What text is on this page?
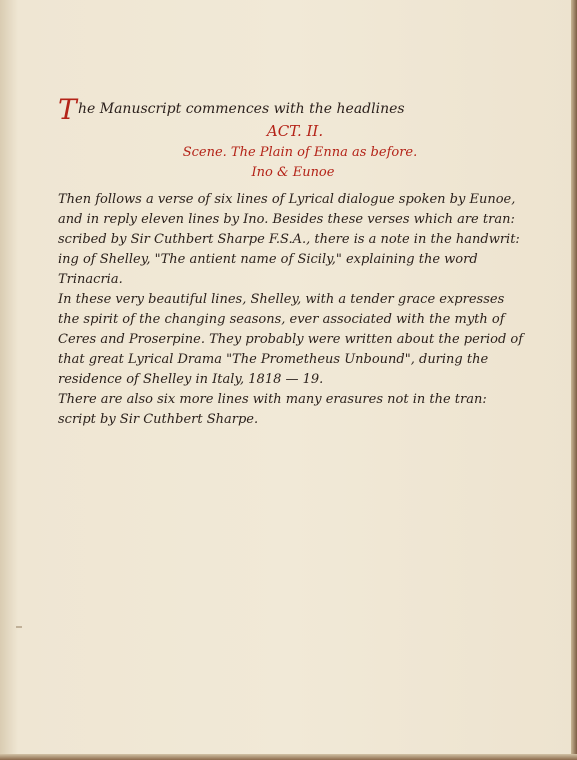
T he Manuscript commences with the headlines
ACT. II.
Scene. The Plain of Enna as before.
Ino & Eunoe
Then follows a verse of six lines of Lyrical dialogue spoken by Eunoe,
and in reply eleven lines by Ino. Besides these verses which are tran:
scribed by Sir Cuthbert Sharpe F.S.A., there is a note in the handwrit:
ing of Shelley, "The antient name of Sicily," explaining the word
Trinacria.
In these very beautiful lines, Shelley, with a tender grace expresses
the spirit of the changing seasons, ever associated with the myth of
Ceres and Proserpine. They probably were written about the period of
that great Lyrical Drama "The Prometheus Unbound", during the
residence of Shelley in Italy, 1818 — 19.
There are also six more lines with many erasures not in the tran:
script by Sir Cuthbert Sharpe.
